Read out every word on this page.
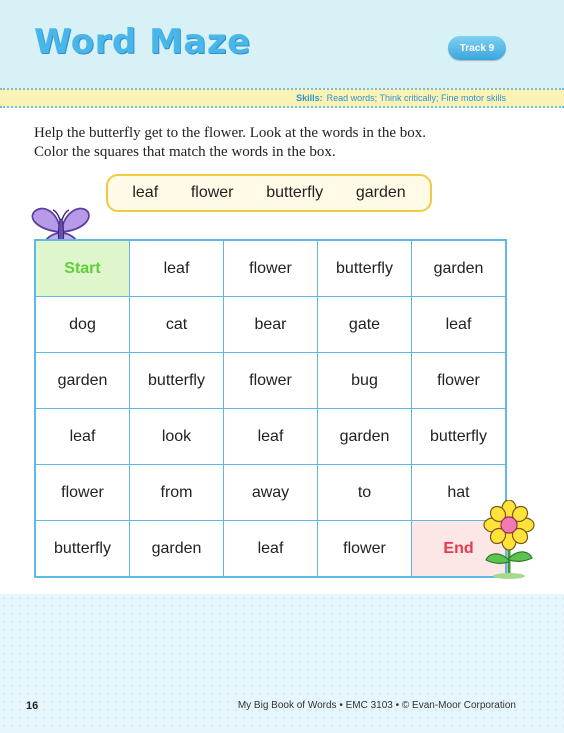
Word Maze	Track 9
Skills: Read words; Think critically; Fine motor skills

Help the butterfly get to the flower. Look at the words in the box.
Color the squares that match the words in the box.

leaf flower butterfly garden
Start	leaf	flower	butterfly	garden
dog	cat	bear	gate	leaf
garden	butterfly	flower	bug	flower
leaf	look	leaf	garden	butterfly
flower	from	away	to	hat
butterfly	garden	leaf	flower	End
16	My Big Book of Words • EMC 3103 • © Evan-Moor Corporation
